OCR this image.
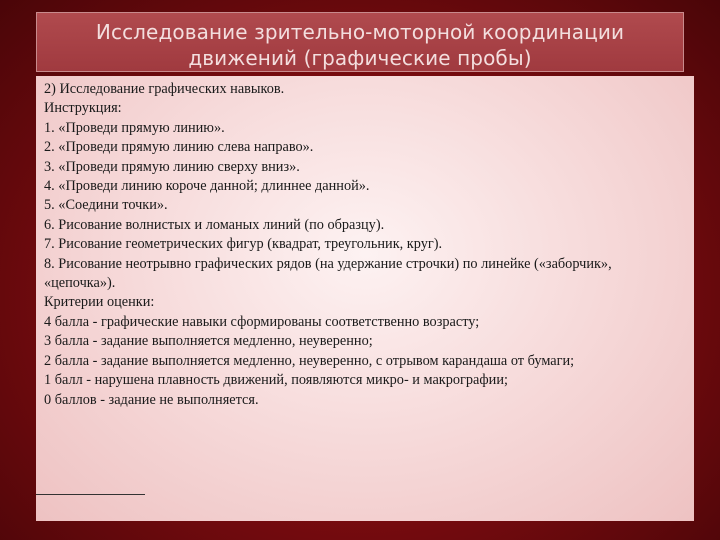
Исследование зрительно-моторной координации
движений (графические пробы)
2) Исследование графических навыков.
Инструкция:
1. «Проведи прямую линию».
2. «Проведи прямую линию слева направо».
3. «Проведи прямую линию сверху вниз».
4. «Проведи линию короче данной; длиннее данной».
5. «Соедини точки».
6. Рисование волнистых и ломаных линий (по образцу).
7. Рисование геометрических фигур (квадрат, треугольник, круг).
8. Рисование неотрывно графических рядов (на удержание строчки) по линейке («заборчик»,
«цепочка»).
Критерии оценки:
4 балла - графические навыки сформированы соответственно возрасту;
3 балла - задание выполняется медленно, неуверенно;
2 балла - задание выполняется медленно, неуверенно, с отрывом карандаша от бумаги;
1 балл - нарушена плавность движений, появляются микро- и макрографии;
0 баллов - задание не выполняется.
